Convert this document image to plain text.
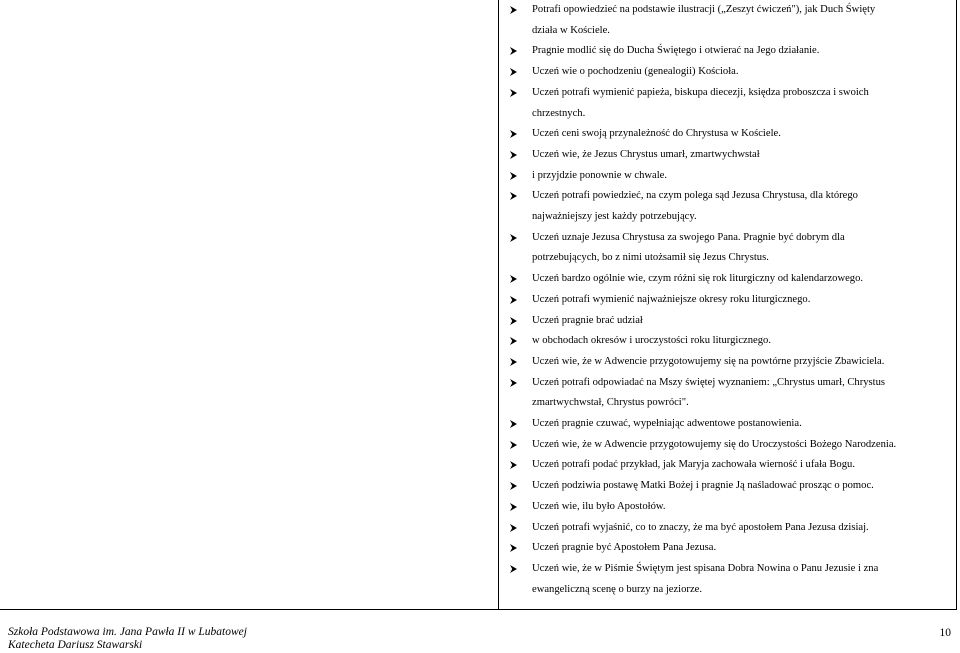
Potrafi opowiedzieć na podstawie ilustracji („Zeszyt ćwiczeń"), jak Duch Święty
działa w Kościele.
Pragnie modlić się do Ducha Świętego i otwierać na Jego działanie.
Uczeń wie o pochodzeniu (genealogii) Kościoła.
Uczeń potrafi wymienić papieża, biskupa diecezji, księdza proboszcza i swoich
chrzestnych.
Uczeń ceni swoją przynależność do Chrystusa w Kościele.
Uczeń wie, że Jezus Chrystus umarł, zmartwychwstał
i przyjdzie ponownie w chwale.
Uczeń potrafi powiedzieć, na czym polega sąd Jezusa Chrystusa, dla którego
najważniejszy jest każdy potrzebujący.
Uczeń uznaje Jezusa Chrystusa za swojego Pana. Pragnie być dobrym dla
potrzebujących, bo z nimi utożsamił się Jezus Chrystus.
Uczeń bardzo ogólnie wie, czym różni się rok liturgiczny od kalendarzowego.
Uczeń potrafi wymienić najważniejsze okresy roku liturgicznego.
Uczeń pragnie brać udział
w obchodach okresów i uroczystości roku liturgicznego.
Uczeń wie, że w Adwencie przygotowujemy się na powtórne przyjście Zbawiciela.
Uczeń potrafi odpowiadać na Mszy świętej wyznaniem: „Chrystus umarł, Chrystus
zmartwychwstał, Chrystus powróci".
Uczeń pragnie czuwać, wypełniając adwentowe postanowienia.
Uczeń wie, że w Adwencie przygotowujemy się do Uroczystości Bożego Narodzenia.
Uczeń potrafi podać przykład, jak Maryja zachowała wierność i ufała Bogu.
Uczeń podziwia postawę Matki Bożej i pragnie Ją naśladować prosząc o pomoc.
Uczeń wie, ilu było Apostołów.
Uczeń potrafi wyjaśnić, co to znaczy, że ma być apostołem Pana Jezusa dzisiaj.
Uczeń pragnie być Apostołem Pana Jezusa.
Uczeń wie, że w Piśmie Świętym jest spisana Dobra Nowina o Panu Jezusie i zna
ewangeliczną scenę o burzy na jeziorze.
Szkoła Podstawowa im. Jana Pawła II w Lubatowej
Katecheta Dariusz Stawarski
10
